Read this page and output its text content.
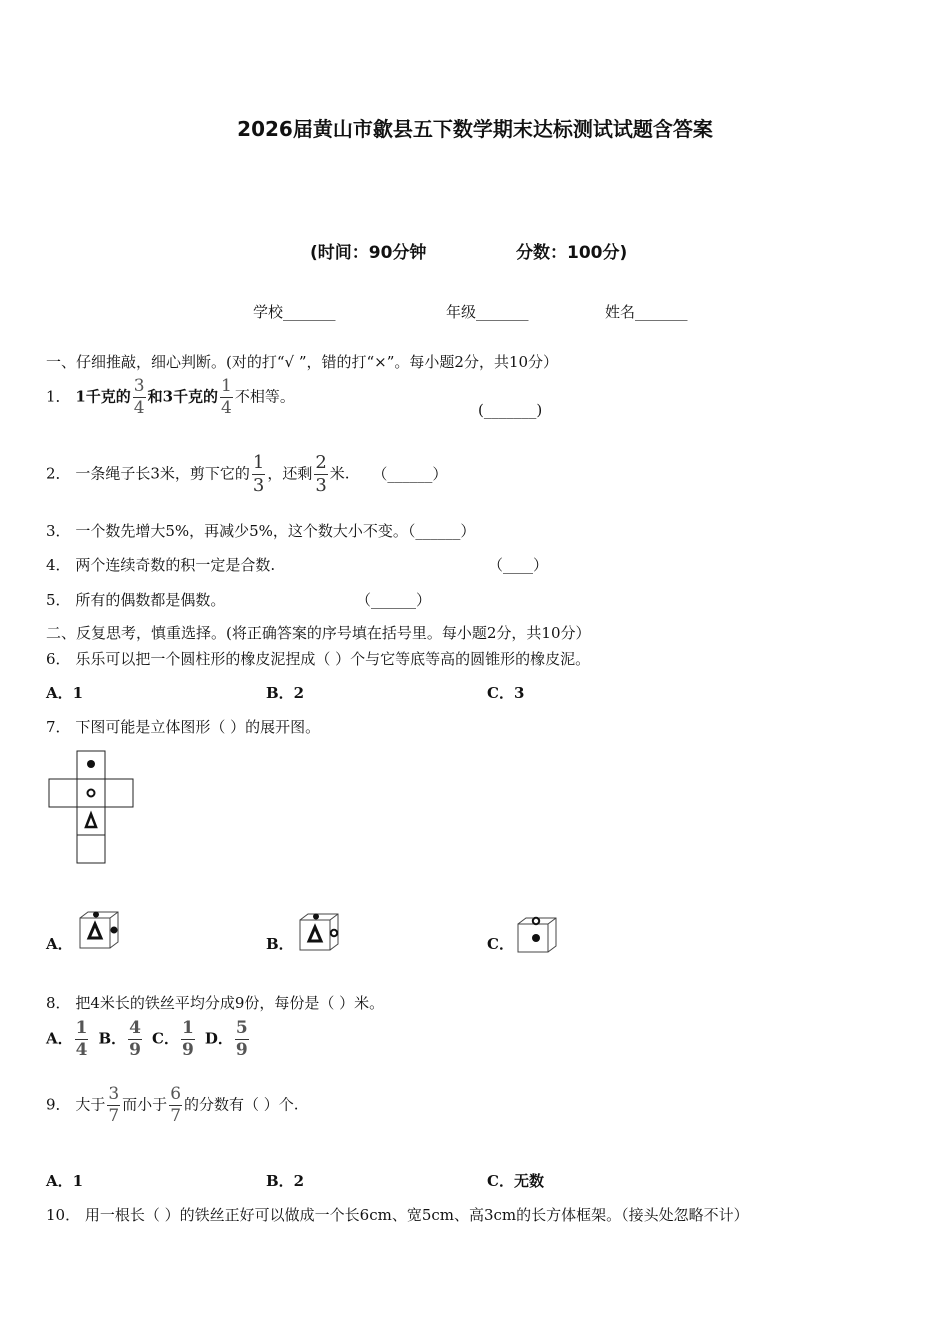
2026届黄山市歙县五下数学期末达标测试试题含答案
(时间：90分钟	分数：100分)
学校_______	年级_______	姓名_______
一、仔细推敲，细心判断。(对的打“√ ”，错的打“×”。每小题2分，共10分）
1． 1千克的 $\frac{3}{4}$ 和3千克的 $\frac{1}{4}$ 不相等。
(_______)
2． 一条绳子长3米，剪下它的 $\frac{1}{3}$ ，还剩 $\frac{2}{3}$ 米. （______）
3． 一个数先增大5%，再减少5%，这个数大小不变。（______）
4． 两个连续奇数的积一定是合数.	（____）
5． 所有的偶数都是偶数。	（______）
二、反复思考，慎重选择。(将正确答案的序号填在括号里。每小题2分，共10分）
6． 乐乐可以把一个圆柱形的橡皮泥捏成（ ）个与它等底等高的圆锥形的橡皮泥。
A．1	B．2	C．3
7． 下图可能是立体图形（ ）的展开图。
A．	B．	C．
8． 把4米长的铁丝平均分成9份，每份是（ ）米。
A． $\frac{1}{4}$ B． $\frac{4}{9}$ C． $\frac{1}{9}$ D． $\frac{5}{9}$
9． 大于 $\frac{3}{7}$ 而小于 $\frac{6}{7}$ 的分数有（ ）个.
A．1	B．2	C．无数
10． 用一根长（ ）的铁丝正好可以做成一个长6cm、宽5cm、高3cm的长方体框架。（接头处忽略不计）
